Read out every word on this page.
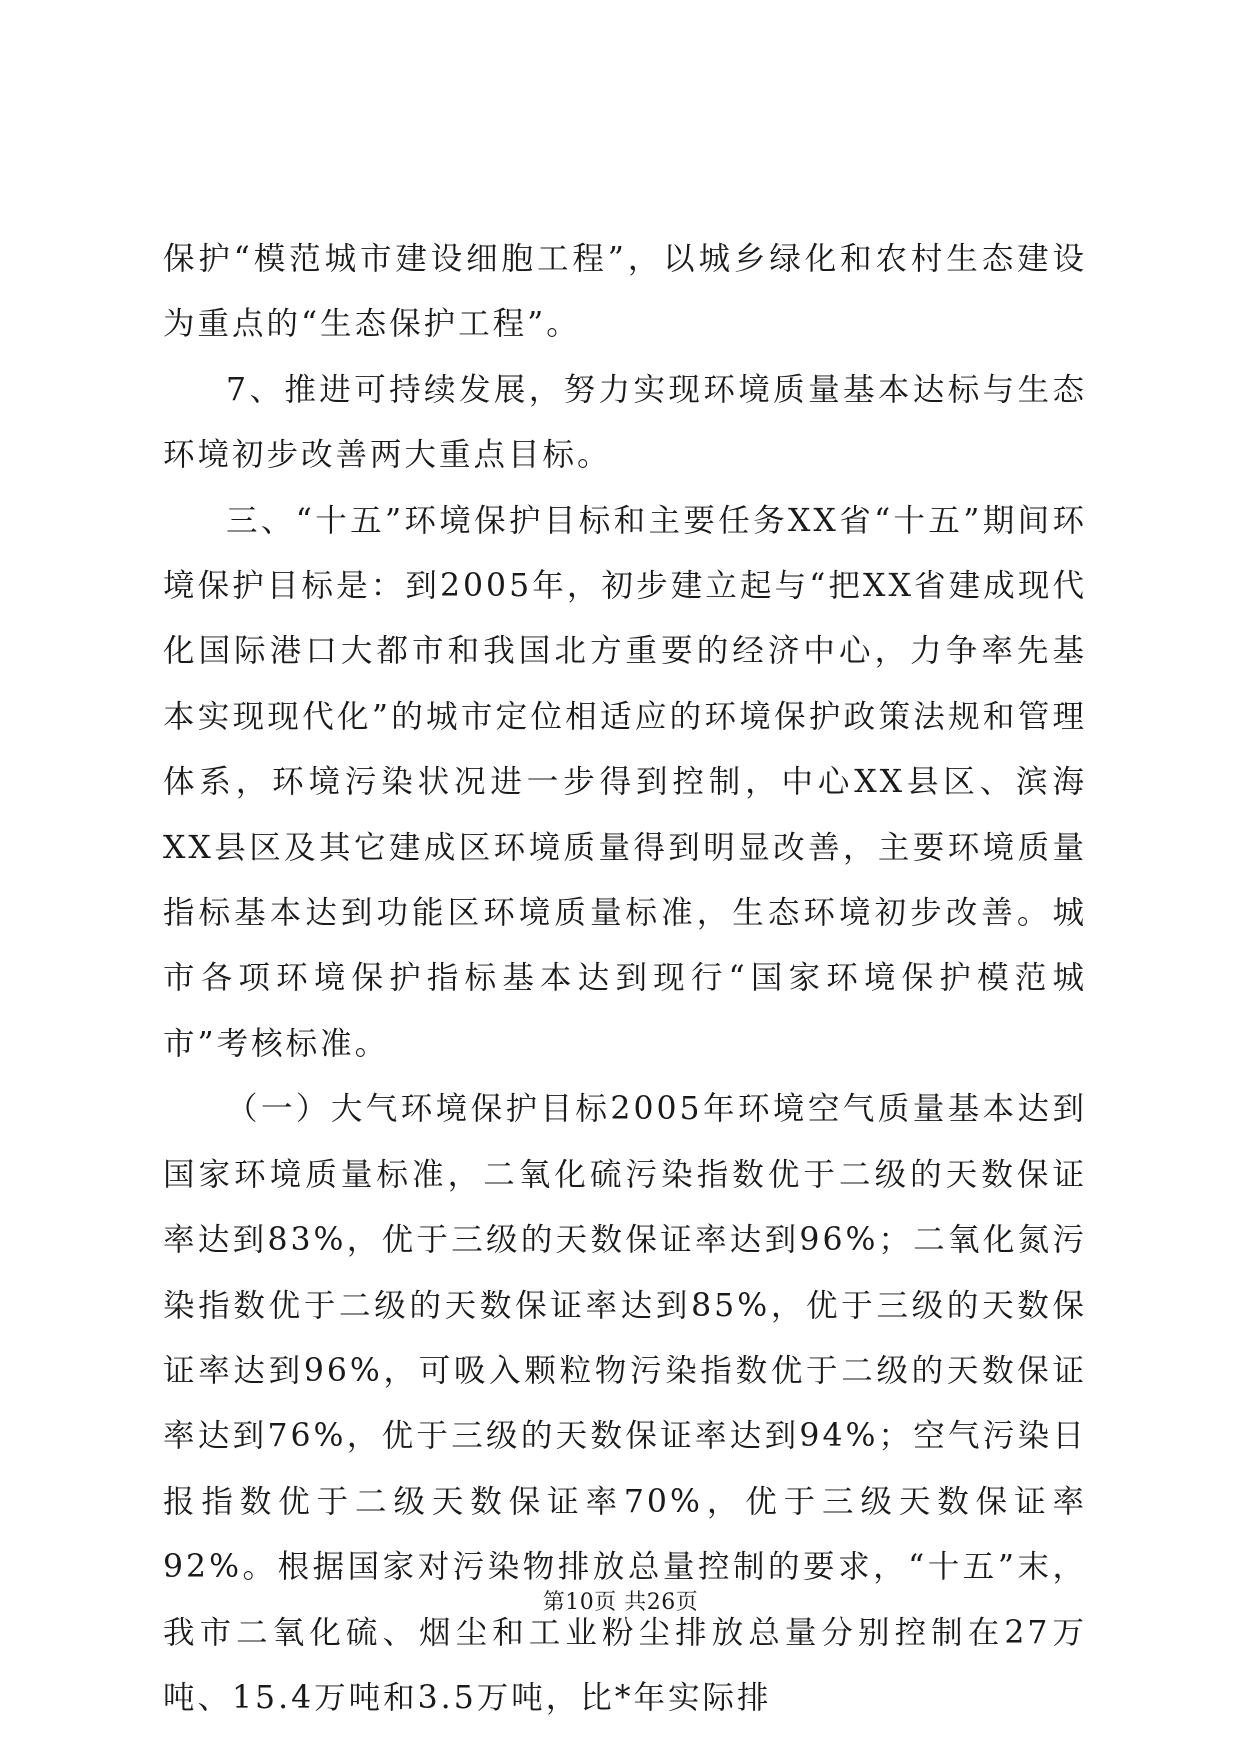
保护“模范城市建设细胞工程”，以城乡绿化和农村生态建设为重点的“生态保护工程”。

7、推进可持续发展，努力实现环境质量基本达标与生态环境初步改善两大重点目标。

三、“十五”环境保护目标和主要任务XX省“十五”期间环境保护目标是：到2005年，初步建立起与“把XX省建成现代化国际港口大都市和我国北方重要的经济中心，力争率先基本实现现代化”的城市定位相适应的环境保护政策法规和管理体系，环境污染状况进一步得到控制，中心XX县区、滨海XX县区及其它建成区环境质量得到明显改善，主要环境质量指标基本达到功能区环境质量标准，生态环境初步改善。城市各项环境保护指标基本达到现行“国家环境保护模范城市”考核标准。

（一）大气环境保护目标2005年环境空气质量基本达到国家环境质量标准，二氧化硫污染指数优于二级的天数保证率达到83%，优于三级的天数保证率达到96%；二氧化氮污染指数优于二级的天数保证率达到85%，优于三级的天数保证率达到96%，可吸入颗粒物污染指数优于二级的天数保证率达到76%，优于三级的天数保证率达到94%；空气污染日报指数优于二级天数保证率70%，优于三级天数保证率92%。根据国家对污染物排放总量控制的要求，“十五”末，我市二氧化硫、烟尘和工业粉尘排放总量分别控制在27万吨、15.4万吨和3.5万吨，比*年实际排

第10页 共26页
